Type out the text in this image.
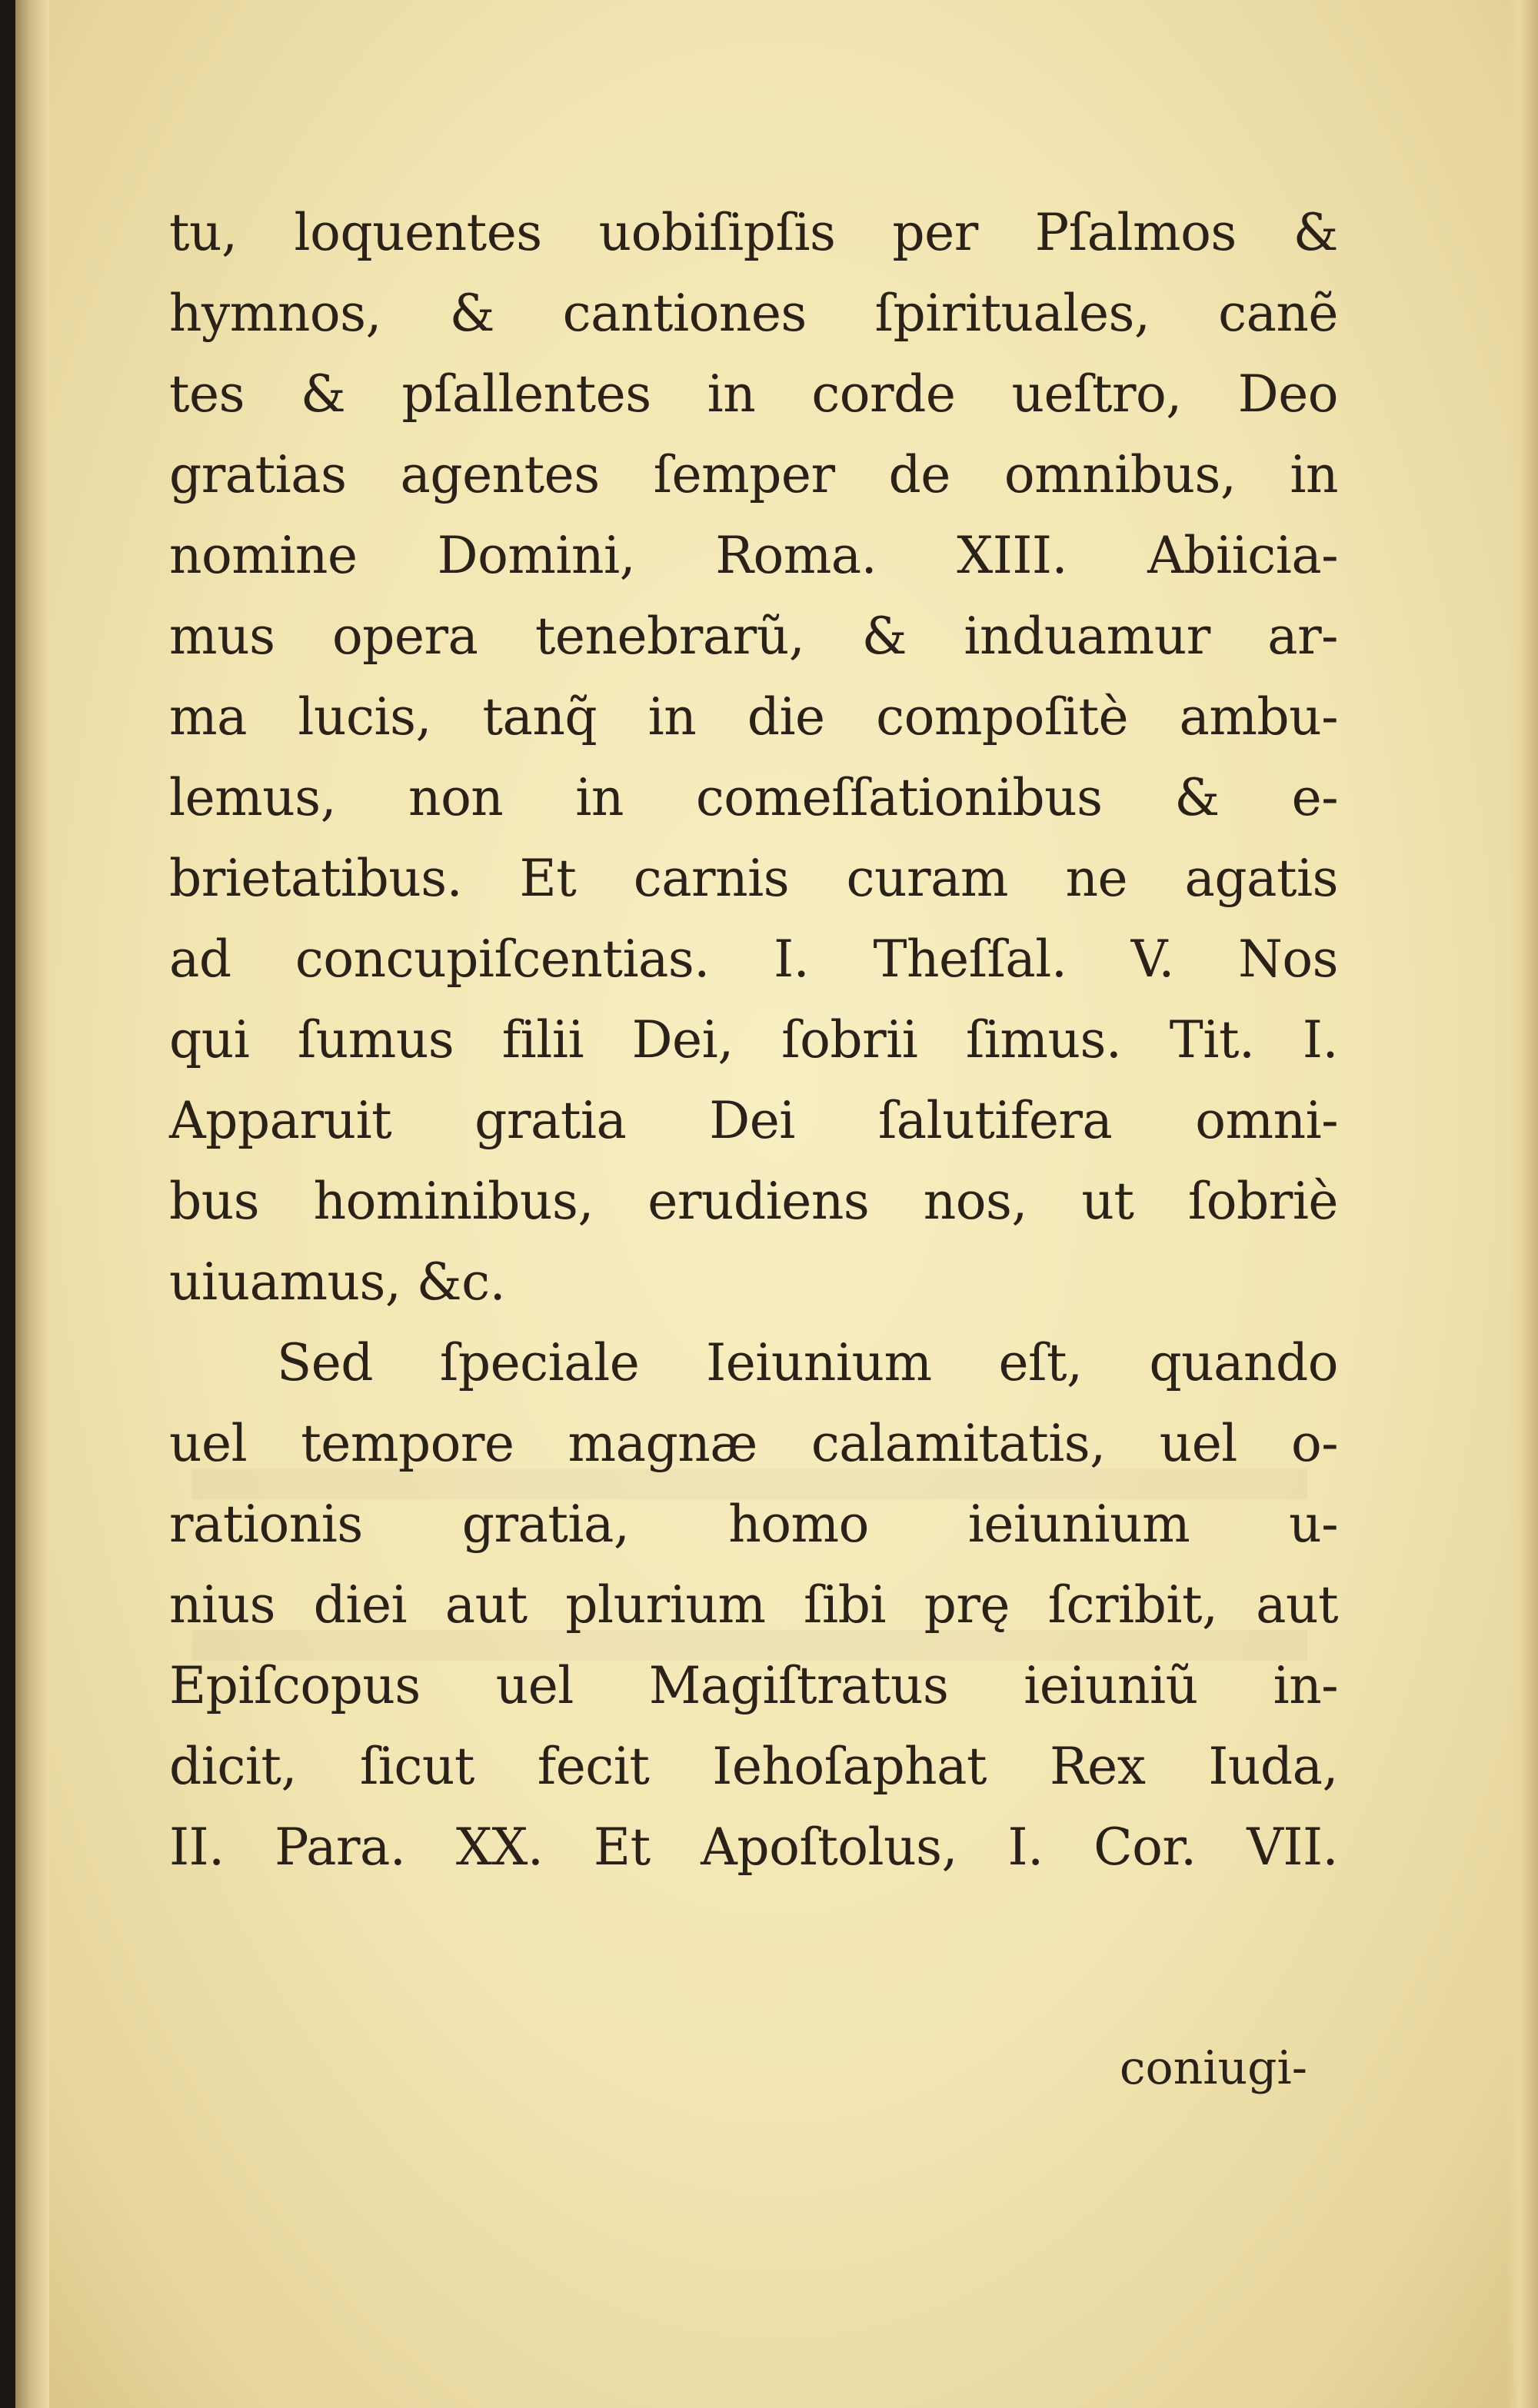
tu, loquentes uobiſipſis per Pſalmos &
hymnos, & cantiones ſpirituales, canẽ
tes & pſallentes in corde ueſtro, Deo
gratias agentes ſemper de omnibus, in
nomine Domini, Roma. XIII. Abiicia-
mus opera tenebrarũ, & induamur ar-
ma lucis, tanq̃ in die compoſitè ambu-
lemus, non in comeſſationibus & e-
brietatibus. Et carnis curam ne agatis
ad concupiſcentias. I. Theſſal. V. Nos
qui ſumus filii Dei, ſobrii ſimus. Tit. I.
Apparuit gratia Dei ſalutifera omni-
bus hominibus, erudiens nos, ut ſobriè
uiuamus, &c.
Sed ſpeciale Ieiunium eſt, quando
uel tempore magnæ calamitatis, uel o-
rationis gratia, homo ieiunium u-
nius diei aut plurium ſibi prę ſcribit, aut
Epiſcopus uel Magiſtratus ieiuniũ in-
dicit, ſicut fecit Iehoſaphat Rex Iuda,
II. Para. XX. Et Apoſtolus, I. Cor. VII.
coniugi-
